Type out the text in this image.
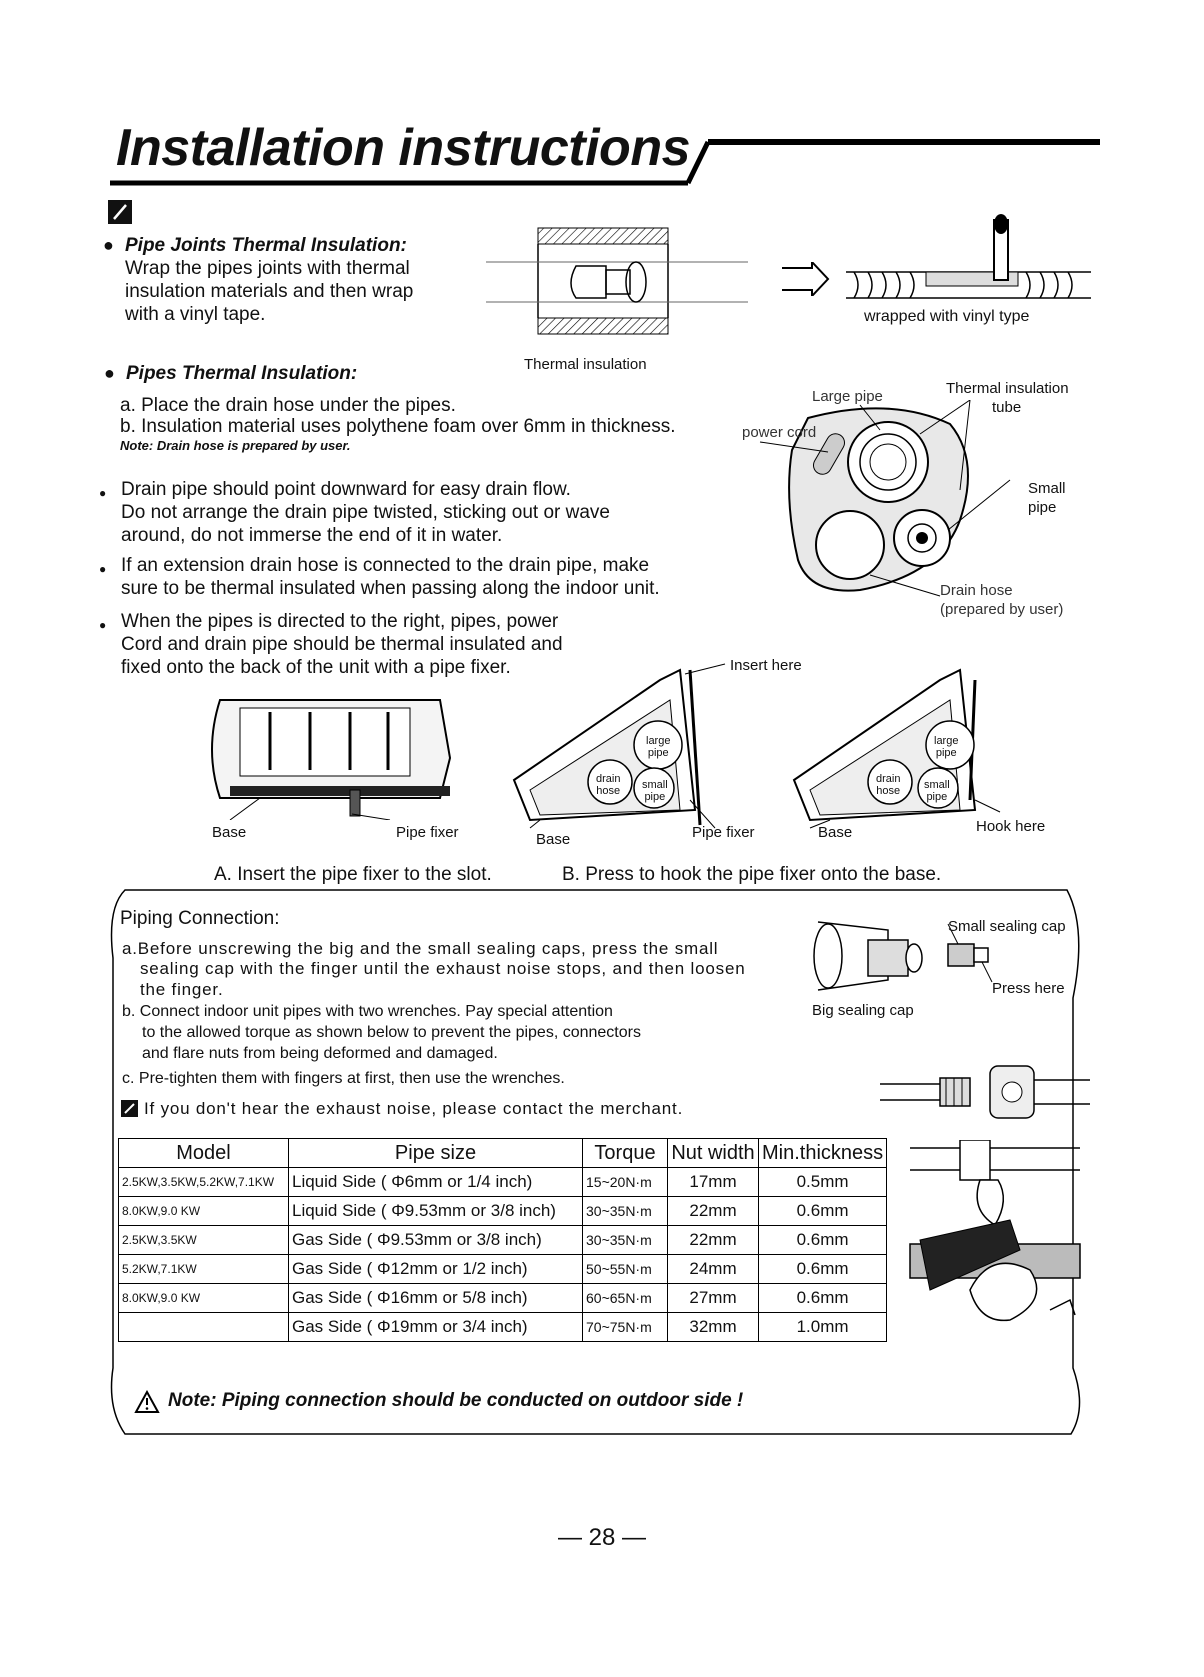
Installation instructions
● Pipe Joints Thermal Insulation:
Wrap the pipes joints with thermal
insulation materials and then wrap
with a vinyl tape.
Thermal insulation
wrapped with vinyl type
● Pipes Thermal Insulation:
a. Place the drain hose under the pipes.
b. Insulation material uses polythene foam over 6mm in thickness.
Note: Drain hose is prepared by user.
● Drain pipe should point downward for easy drain flow.
Do not arrange the drain pipe twisted, sticking out or wave
around, do not immerse the end of it in water.
● If an extension drain hose is connected to the drain pipe, make
sure to be thermal insulated when passing along the indoor unit.
● When the pipes is directed to the right, pipes, power
Cord and drain pipe should be thermal insulated and
fixed onto the back of the unit with a pipe fixer.
Large pipe
power cord
Thermal insulation
tube
Small
pipe
Drain hose
(prepared by user)
large
pipe
drain
hose small
pipe
Insert here
large
pipe
drain
hose small
pipe
Base	Pipe fixer	Base	Pipe fixer	Base	Hook here
A. Insert the pipe fixer to the slot.	B. Press to hook the pipe fixer onto the base.
Piping Connection:
a.Before unscrewing the big and the small sealing caps, press the small
sealing cap with the finger until the exhaust noise stops, and then loosen
the finger.
b. Connect indoor unit pipes with two wrenches. Pay special attention
to the allowed torque as shown below to prevent the pipes, connectors
and flare nuts from being deformed and damaged.
c. Pre-tighten them with fingers at first, then use the wrenches.
If you don't hear the exhaust noise, please contact the merchant.
Small sealing cap
Press here
Big sealing cap
Model	Pipe size	Torque	Nut width	Min.thickness
2.5KW,3.5KW,5.2KW,7.1KW	Liquid Side ( Φ6mm or 1/4 inch)	15~20N·m	17mm	0.5mm
8.0KW,9.0 KW	Liquid Side ( Φ9.53mm or 3/8 inch)	30~35N·m	22mm	0.6mm
2.5KW,3.5KW	Gas Side ( Φ9.53mm or 3/8 inch)	30~35N·m	22mm	0.6mm
5.2KW,7.1KW	Gas Side ( Φ12mm or 1/2 inch)	50~55N·m	24mm	0.6mm
8.0KW,9.0 KW	Gas Side ( Φ16mm or 5/8 inch)	60~65N·m	27mm	0.6mm
	Gas Side ( Φ19mm or 3/4 inch)	70~75N·m	32mm	1.0mm
Note: Piping connection should be conducted on outdoor side !
— 28 —
